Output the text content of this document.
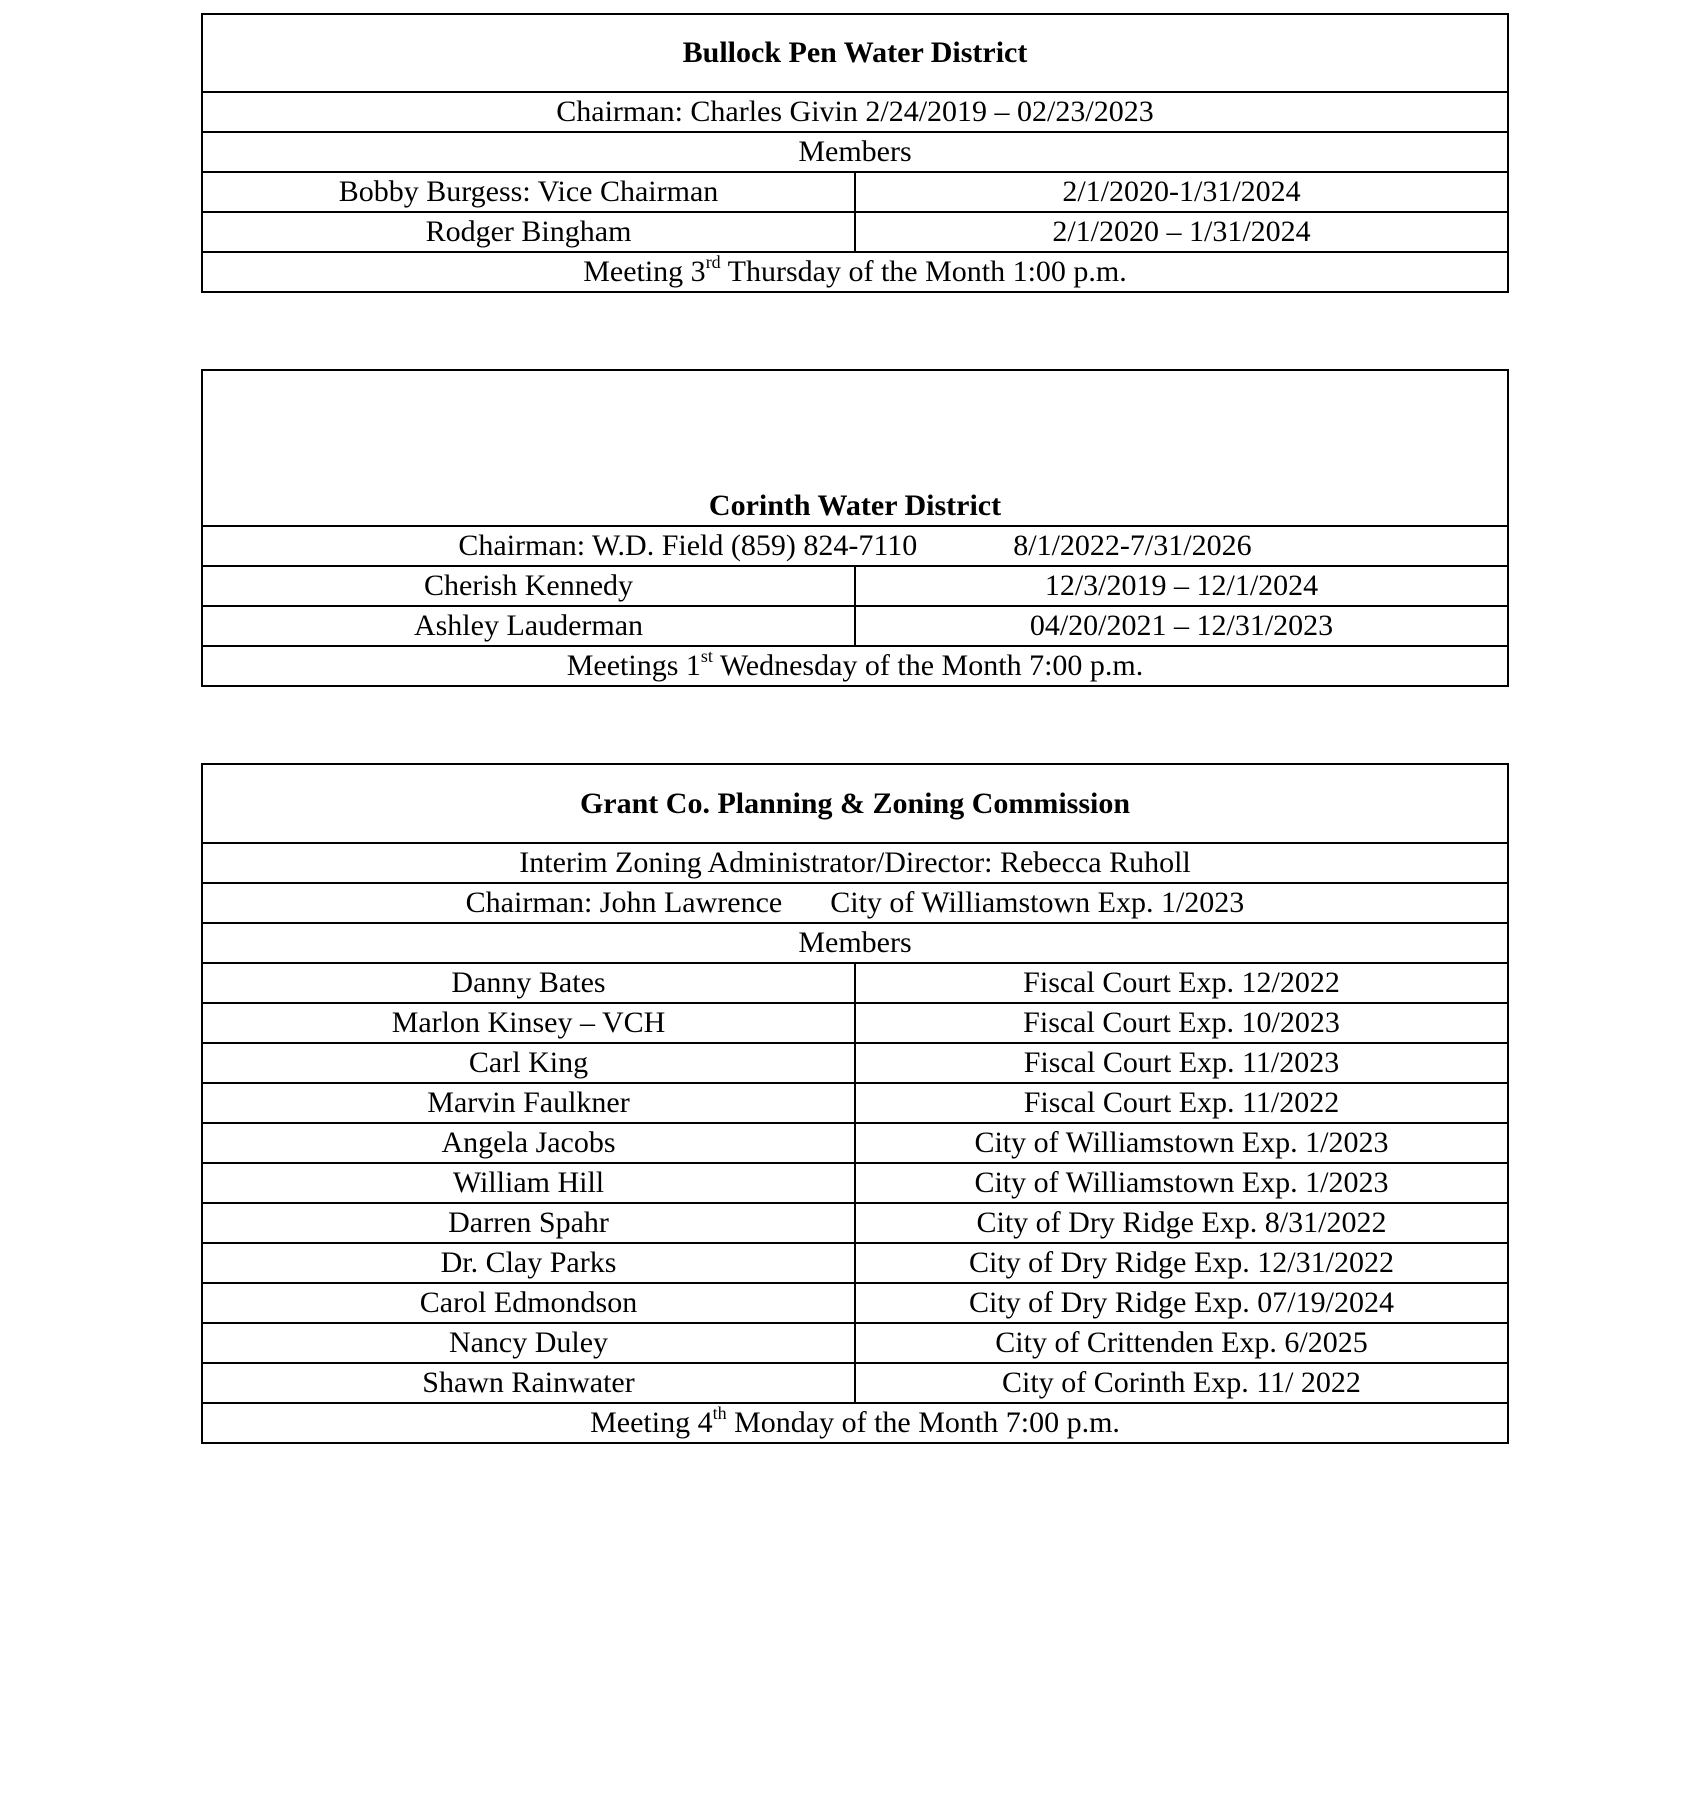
Bullock Pen Water District	
Chairman: Charles Givin 2/24/2019 – 02/23/2023	
Members	
Bobby Burgess: Vice Chairman	2/1/2020-1/31/2024
Rodger Bingham	2/1/2020 – 1/31/2024
Meeting 3rd Thursday of the Month 1:00 p.m.	
Corinth Water District	
Chairman: W.D. Field (859) 824-7110 8/1/2022-7/31/2026	
Cherish Kennedy	12/3/2019 – 12/1/2024
Ashley Lauderman	04/20/2021 – 12/31/2023
Meetings 1st Wednesday of the Month 7:00 p.m.	
Grant Co. Planning & Zoning Commission	
Interim Zoning Administrator/Director: Rebecca Ruholl	
Chairman: John Lawrence City of Williamstown Exp. 1/2023	
Members	
Danny Bates	Fiscal Court Exp. 12/2022
Marlon Kinsey – VCH	Fiscal Court Exp. 10/2023
Carl King	Fiscal Court Exp. 11/2023
Marvin Faulkner	Fiscal Court Exp. 11/2022
Angela Jacobs	City of Williamstown Exp. 1/2023
William Hill	City of Williamstown Exp. 1/2023
Darren Spahr	City of Dry Ridge Exp. 8/31/2022
Dr. Clay Parks	City of Dry Ridge Exp. 12/31/2022
Carol Edmondson	City of Dry Ridge Exp. 07/19/2024
Nancy Duley	City of Crittenden Exp. 6/2025
Shawn Rainwater	City of Corinth Exp. 11/ 2022
Meeting 4th Monday of the Month 7:00 p.m.	
